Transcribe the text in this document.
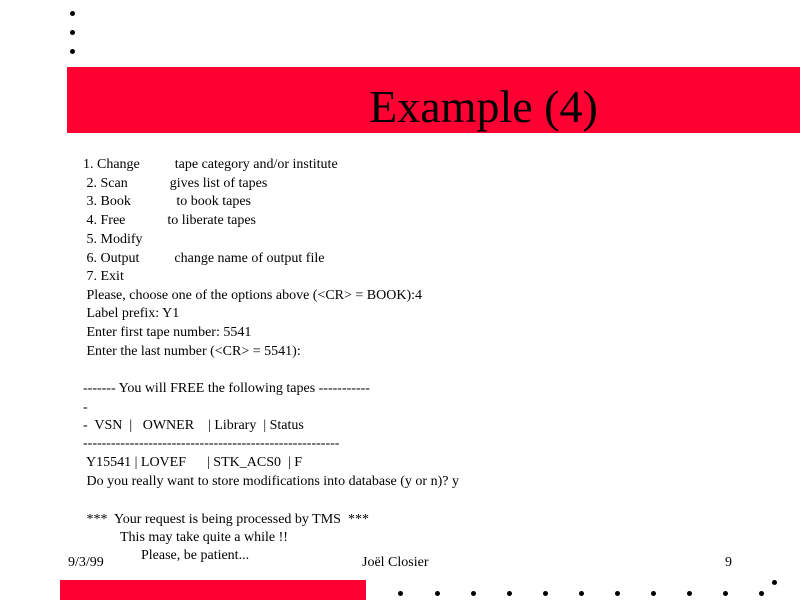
Example (4)
1. Change          tape category and/or institute
2. Scan            gives list of tapes
3. Book             to book tapes
4. Free            to liberate tapes
5. Modify
6. Output          change name of output file
7. Exit
Please, choose one of the options above (<CR> = BOOK):4
Label prefix: Y1
Enter first tape number: 5541
Enter the last number (<CR> = 5541):
------- You will FREE the following tapes -----------
-
-  VSN  |   OWNER    | Library  | Status
-------------------------------------------------------
Y15541 | LOVEF      | STK_ACS0  | F
Do you really want to store modifications into database (y or n)? y
***  Your request is being processed by TMS  ***
This may take quite a while !!
Please, be patient...
9/3/99	Joël Closier	9
